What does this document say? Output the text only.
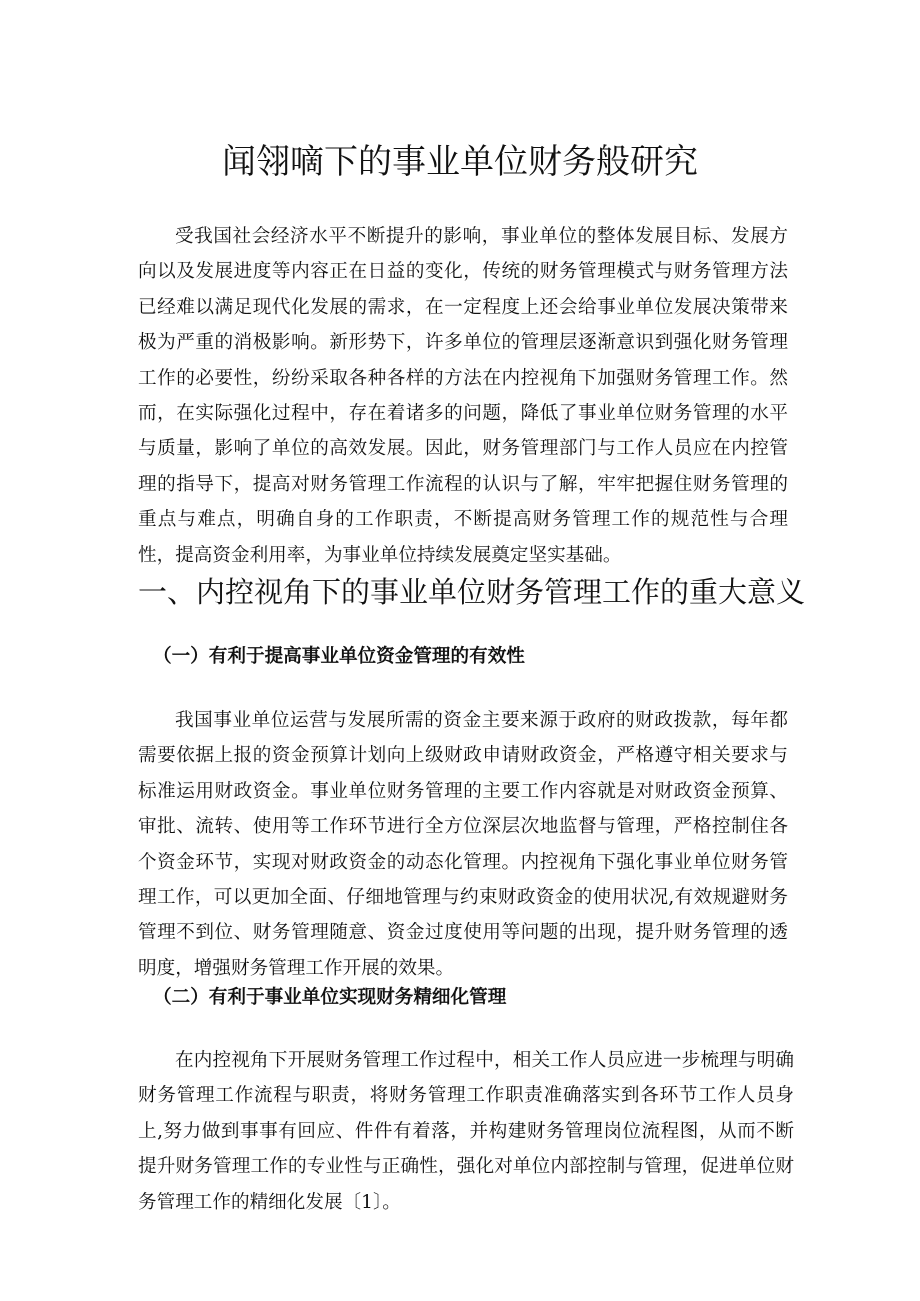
闻翎嘀下的事业单位财务般研究

受我国社会经济水平不断提升的影响，事业单位的整体发展目标、发展方向以及发展进度等内容正在日益的变化，传统的财务管理模式与财务管理方法已经难以满足现代化发展的需求，在一定程度上还会给事业单位发展决策带来极为严重的消极影响。新形势下，许多单位的管理层逐渐意识到强化财务管理工作的必要性，纷纷采取各种各样的方法在内控视角下加强财务管理工作。然而，在实际强化过程中，存在着诸多的问题，降低了事业单位财务管理的水平与质量，影响了单位的高效发展。因此，财务管理部门与工作人员应在内控管理的指导下，提高对财务管理工作流程的认识与了解，牢牢把握住财务管理的重点与难点，明确自身的工作职责，不断提高财务管理工作的规范性与合理性，提高资金利用率，为事业单位持续发展奠定坚实基础。

一、内控视角下的事业单位财务管理工作的重大意义
（一）有利于提高事业单位资金管理的有效性

我国事业单位运营与发展所需的资金主要来源于政府的财政拨款，每年都需要依据上报的资金预算计划向上级财政申请财政资金，严格遵守相关要求与标准运用财政资金。事业单位财务管理的主要工作内容就是对财政资金预算、审批、流转、使用等工作环节进行全方位深层次地监督与管理，严格控制住各个资金环节，实现对财政资金的动态化管理。内控视角下强化事业单位财务管理工作，可以更加全面、仔细地管理与约束财政资金的使用状况,有效规避财务管理不到位、财务管理随意、资金过度使用等问题的出现，提升财务管理的透明度，增强财务管理工作开展的效果。

（二）有利于事业单位实现财务精细化管理

在内控视角下开展财务管理工作过程中，相关工作人员应进一步梳理与明确财务管理工作流程与职责，将财务管理工作职责准确落实到各环节工作人员身上,努力做到事事有回应、件件有着落，并构建财务管理岗位流程图，从而不断提升财务管理工作的专业性与正确性，强化对单位内部控制与管理，促进单位财务管理工作的精细化发展〔1〕。
